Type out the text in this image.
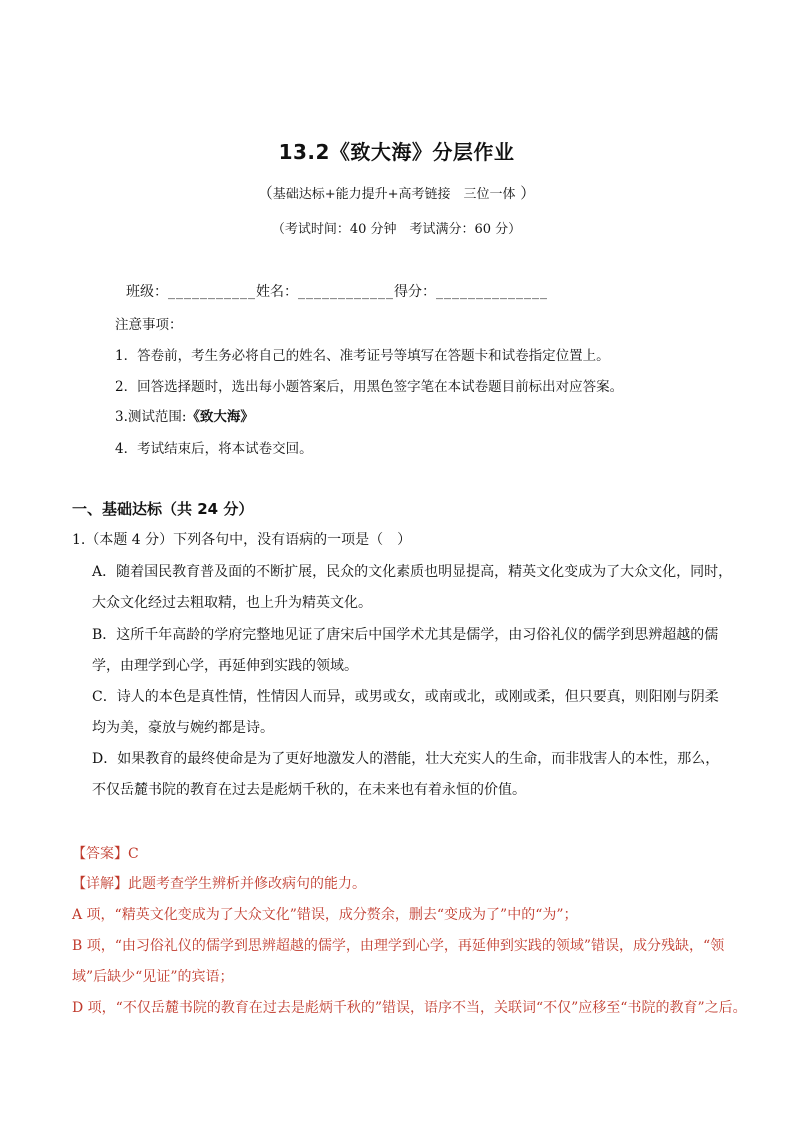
13.2《致大海》分层作业
（基础达标+能力提升+高考链接　三位一体 ）
（考试时间：40 分钟　考试满分：60 分）
班级：___________姓名：____________得分：______________
注意事项：
1．答卷前，考生务必将自己的姓名、准考证号等填写在答题卡和试卷指定位置上。
2．回答选择题时，选出每小题答案后，用黑色签字笔在本试卷题目前标出对应答案。
3.测试范围:《致大海》
4．考试结束后，将本试卷交回。
一、基础达标（共 24 分）
1.（本题 4 分）下列各句中，没有语病的一项是（　）
A．随着国民教育普及面的不断扩展，民众的文化素质也明显提高，精英文化变成为了大众文化，同时，
大众文化经过去粗取精，也上升为精英文化。
B．这所千年高龄的学府完整地见证了唐宋后中国学术尤其是儒学，由习俗礼仪的儒学到思辨超越的儒
学，由理学到心学，再延伸到实践的领域。
C．诗人的本色是真性情，性情因人而异，或男或女，或南或北，或刚或柔，但只要真，则阳刚与阴柔
均为美，豪放与婉约都是诗。
D．如果教育的最终使命是为了更好地激发人的潜能，壮大充实人的生命，而非戕害人的本性，那么，
不仅岳麓书院的教育在过去是彪炳千秋的，在未来也有着永恒的价值。
【答案】C
【详解】此题考查学生辨析并修改病句的能力。
A 项，“精英文化变成为了大众文化”错误，成分赘余，删去“变成为了”中的“为”；
B 项，“由习俗礼仪的儒学到思辨超越的儒学，由理学到心学，再延伸到实践的领域”错误，成分残缺，“领
域”后缺少“见证”的宾语；
D 项，“不仅岳麓书院的教育在过去是彪炳千秋的”错误，语序不当，关联词“不仅”应移至“书院的教育”之后。
